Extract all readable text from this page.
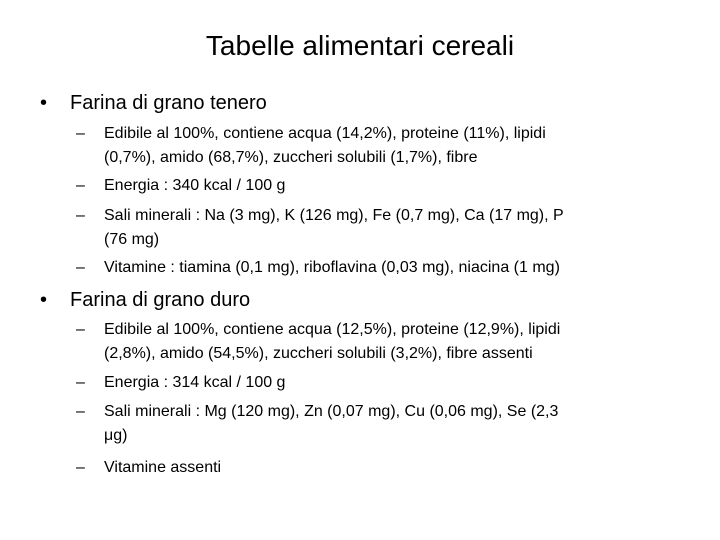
Tabelle alimentari cereali
•	Farina di grano tenero
– Edibile al 100%, contiene acqua (14,2%), proteine (11%), lipidi
(0,7%), amido (68,7%), zuccheri solubili (1,7%), fibre
– Energia : 340 kcal / 100 g
– Sali minerali : Na (3 mg), K (126 mg), Fe (0,7 mg), Ca (17 mg), P
(76 mg)
– Vitamine : tiamina (0,1 mg), riboflavina (0,03 mg), niacina (1 mg)
•	Farina di grano duro
– Edibile al 100%, contiene acqua (12,5%), proteine (12,9%), lipidi
(2,8%), amido (54,5%), zuccheri solubili (3,2%), fibre assenti
– Energia : 314 kcal / 100 g
– Sali minerali : Mg (120 mg), Zn (0,07 mg), Cu (0,06 mg), Se (2,3
μg)
– Vitamine assenti
